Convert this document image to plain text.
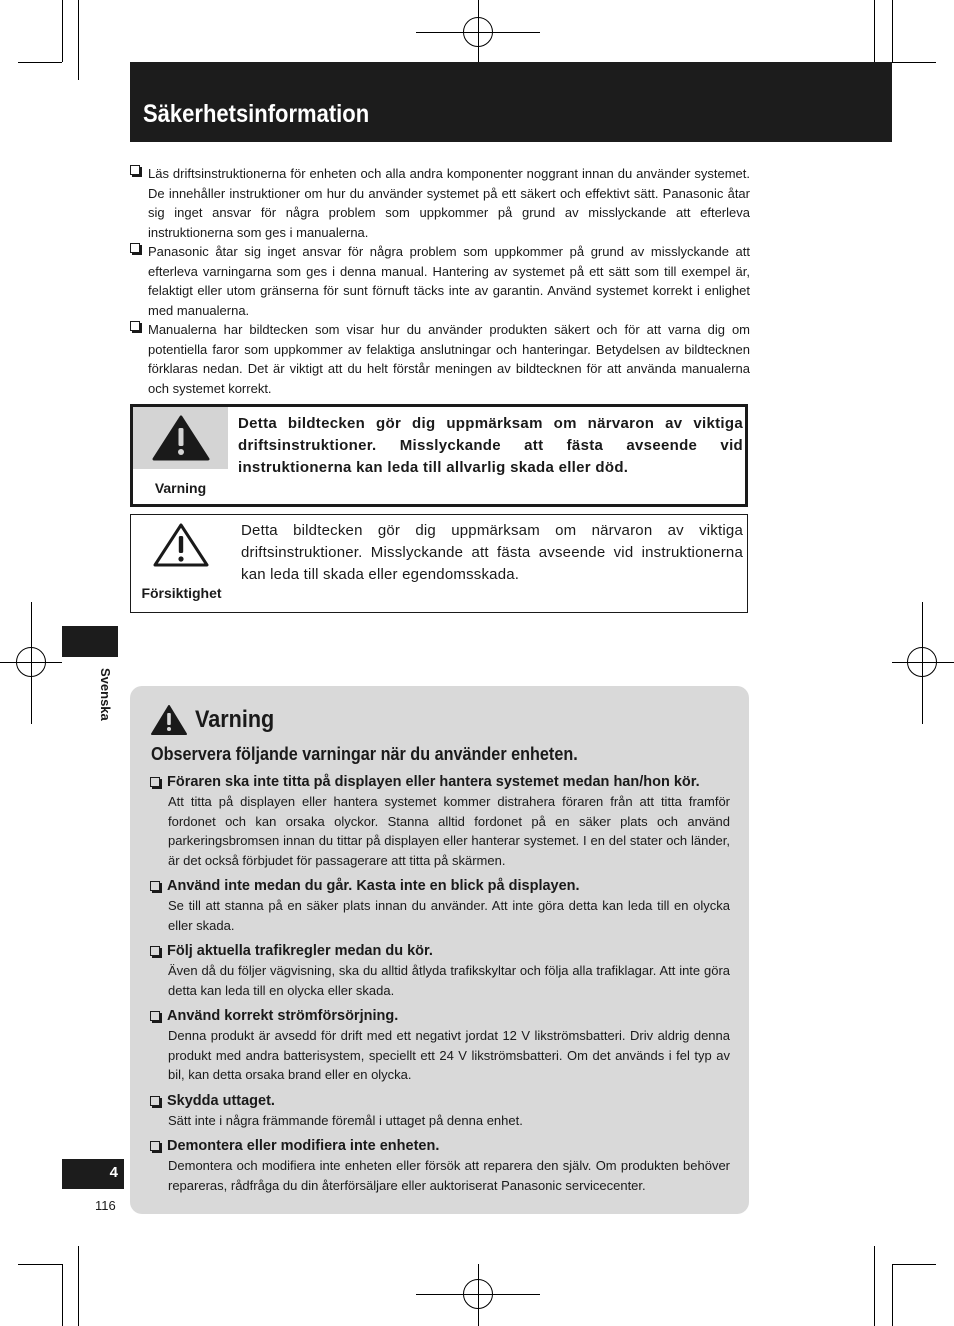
Säkerhetsinformation

Läs driftsinstruktionerna för enheten och alla andra komponenter noggrant innan du använder systemet. De innehåller instruktioner om hur du använder systemet på ett säkert och effektivt sätt. Panasonic åtar sig inget ansvar för några problem som uppkommer på grund av misslyckande att efterleva instruktionerna som ges i manualerna.

Panasonic åtar sig inget ansvar för några problem som uppkommer på grund av misslyckande att efterleva varningarna som ges i denna manual. Hantering av systemet på ett sätt som till exempel är, felaktigt eller utom gränserna för sunt förnuft täcks inte av garantin. Använd systemet korrekt i enlighet med manualerna.

Manualerna har bildtecken som visar hur du använder produkten säkert och för att varna dig om potentiella faror som uppkommer av felaktiga anslutningar och hanteringar. Betydelsen av bildtecknen förklaras nedan. Det är viktigt att du helt förstår meningen av bildtecknen för att använda manualerna och systemet korrekt.

Varning
Detta bildtecken gör dig uppmärksam om närvaron av viktiga driftsinstruktioner. Misslyckande att fästa avseende vid instruktionerna kan leda till allvarlig skada eller död.
Försiktighet
Detta bildtecken gör dig uppmärksam om närvaron av viktiga driftsinstruktioner. Misslyckande att fästa avseende vid instruktionerna kan leda till skada eller egendomsskada.
Svenska
4
116
Varning
Observera följande varningar när du använder enheten.
Föraren ska inte titta på displayen eller hantera systemet medan han/hon kör.
Att titta på displayen eller hantera systemet kommer distrahera föraren från att titta framför fordonet och kan orsaka olyckor. Stanna alltid fordonet på en säker plats och använd parkeringsbromsen innan du tittar på displayen eller hanterar systemet. I en del stater och länder, är det också förbjudet för passagerare att titta på skärmen.
Använd inte medan du går. Kasta inte en blick på displayen.
Se till att stanna på en säker plats innan du använder. Att inte göra detta kan leda till en olycka eller skada.
Följ aktuella trafikregler medan du kör.
Även då du följer vägvisning, ska du alltid åtlyda trafikskyltar och följa alla trafiklagar. Att inte göra detta kan leda till en olycka eller skada.
Använd korrekt strömförsörjning.
Denna produkt är avsedd för drift med ett negativt jordat 12 V likströmsbatteri. Driv aldrig denna produkt med andra batterisystem, speciellt ett 24 V likströmsbatteri. Om det används i fel typ av bil, kan detta orsaka brand eller en olycka.
Skydda uttaget.
Sätt inte i några främmande föremål i uttaget på denna enhet.
Demontera eller modifiera inte enheten.
Demontera och modifiera inte enheten eller försök att reparera den själv. Om produkten behöver repareras, rådfråga du din återförsäljare eller auktoriserat Panasonic servicecenter.
